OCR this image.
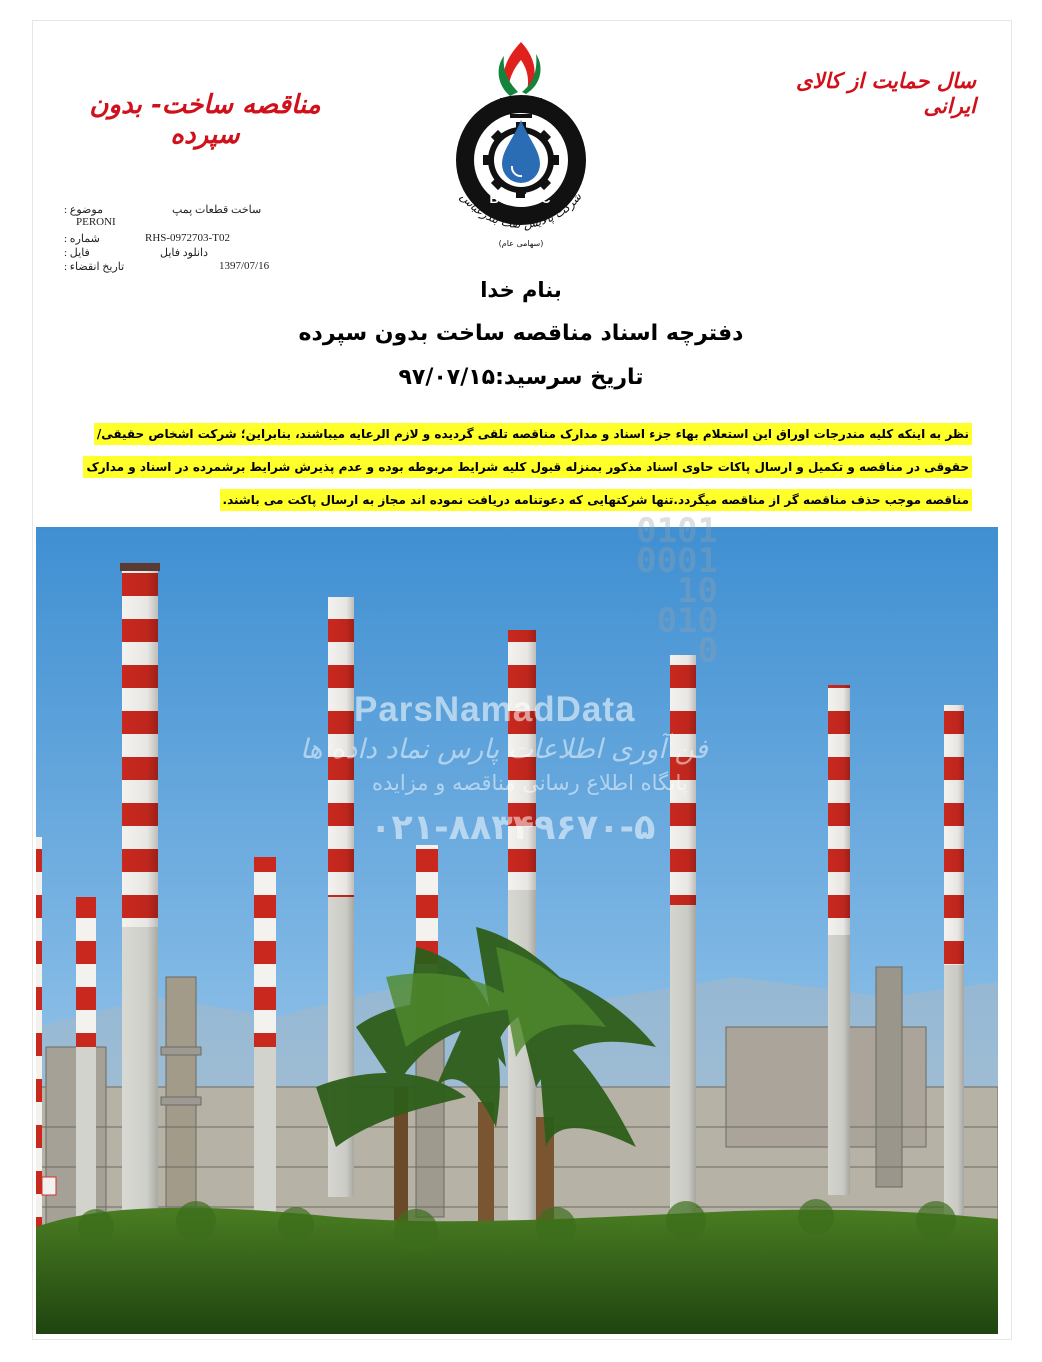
سال حمایت از کالای ایرانی
مناقصه ساخت- بدون سپرده
B.O.R.C
شرکت پالایش نفت بندرعباس
(سهامی عام)
موضوع :	ساخت قطعات پمپ
PERONI
شماره :	RHS-0972703-T02
فایل :	دانلود فایل
تاریخ انقضاء :	1397/07/16
بنام خدا
دفترچه اسناد مناقصه ساخت بدون سپرده
تاریخ سرسید:۹۷/۰۷/۱۵
نظر به اینکه کلیه مندرجات اوراق این استعلام بهاء جزء اسناد و مدارک مناقصه تلقی گردیده و لازم الرعایه میباشند، بنابراین؛ شرکت اشخاص حقیقی/حقوقی در مناقصه و تکمیل و ارسال پاکات حاوی اسناد مذکور بمنزله قبول کلیه شرایط مربوطه بوده و عدم پذیرش شرایط برشمرده در اسناد و مدارک مناقصه موجب حذف مناقصه گر از مناقصه میگردد.تنها شرکتهایی که دعوتنامه دریافت نموده اند مجاز به ارسال پاکت می باشند.
0101
0001
10
010
0
ParsNamadData
فن آوری اطلاعات پارس نماد داده ها
پایگاه اطلاع رسانی مناقصه و مزایده
۰۲۱-۸۸۳۴۹۶۷۰-۵
